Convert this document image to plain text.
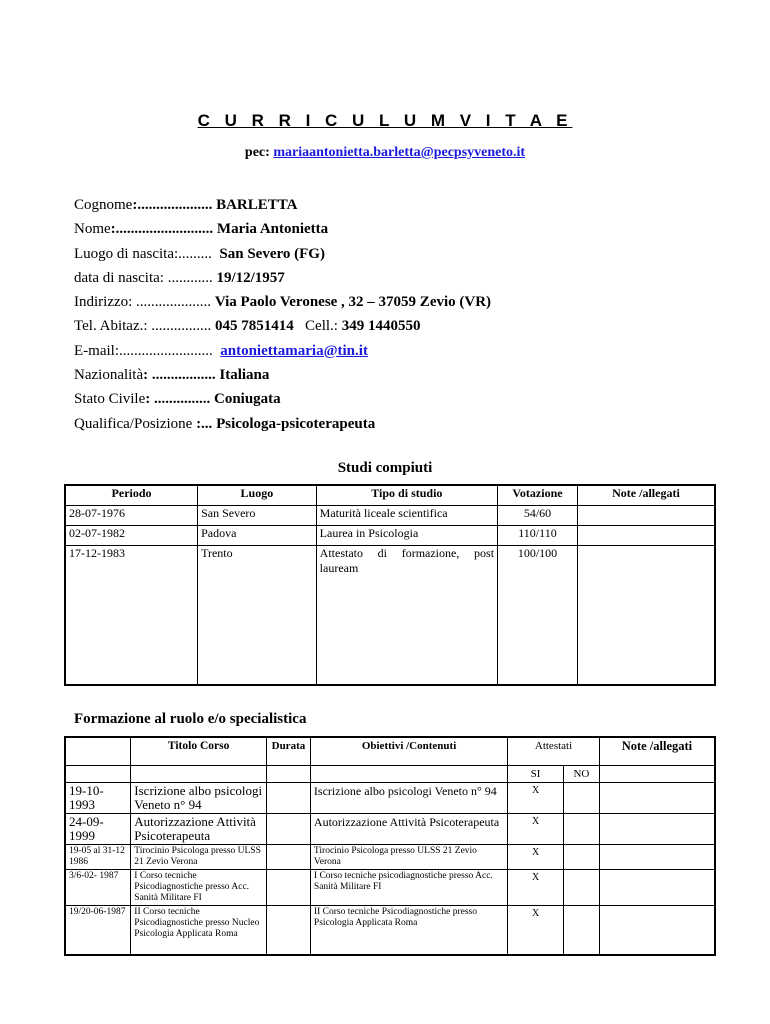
C U R R I C U L U M V I T A E
pec: mariaantonietta.barletta@pecpsyveneto.it
Cognome:.................... BARLETTA
Nome:.......................... Maria Antonietta
Luogo di nascita:......... San Severo (FG)
data di nascita: ............ 19/12/1957
Indirizzo: .................... Via Paolo Veronese , 32 – 37059 Zevio (VR)
Tel. Abitaz.: ................ 045 7851414 Cell.: 349 1440550
E-mail:......................... antoniettamaria@tin.it
Nazionalità: ................. Italiana
Stato Civile: ............... Coniugata
Qualifica/Posizione :... Psicologa-psicoterapeuta
Studi compiuti
Periodo	Luogo	Tipo di studio	Votazione	Note /allegati
28-07-1976	San Severo	Maturità liceale scientifica	54/60	
02-07-1982	Padova	Laurea in Psicologia	110/110	
17-12-1983	Trento	Attestato di formazione, post lauream	100/100	
Formazione al ruolo e/o specialistica
	Titolo Corso	Durata	Obiettivi /Contenuti	Attestati		Note /allegati
				SI	NO	
19-10-1993	Iscrizione albo psicologi Veneto n° 94		Iscrizione albo psicologi Veneto n° 94	X		
24-09-1999	Autorizzazione Attività Psicoterapeuta		Autorizzazione Attività Psicoterapeuta	X		
19-05 al 31-12 1986	Tirocinio Psicologa presso ULSS 21 Zevio Verona		Tirocinio Psicologa presso ULSS 21 Zevio Verona	X		
3/6-02- 1987	I Corso tecniche Psicodiagnostiche presso Acc. Sanità Militare FI		I Corso tecniche psicodiagnostiche presso Acc. Sanità Militare FI	X		
19/20-06-1987	II Corso tecniche Psicodiagnostiche presso Nucleo Psicologia Applicata Roma		II Corso tecniche Psicodiagnostiche presso Psicologia Applicata Roma	X		
